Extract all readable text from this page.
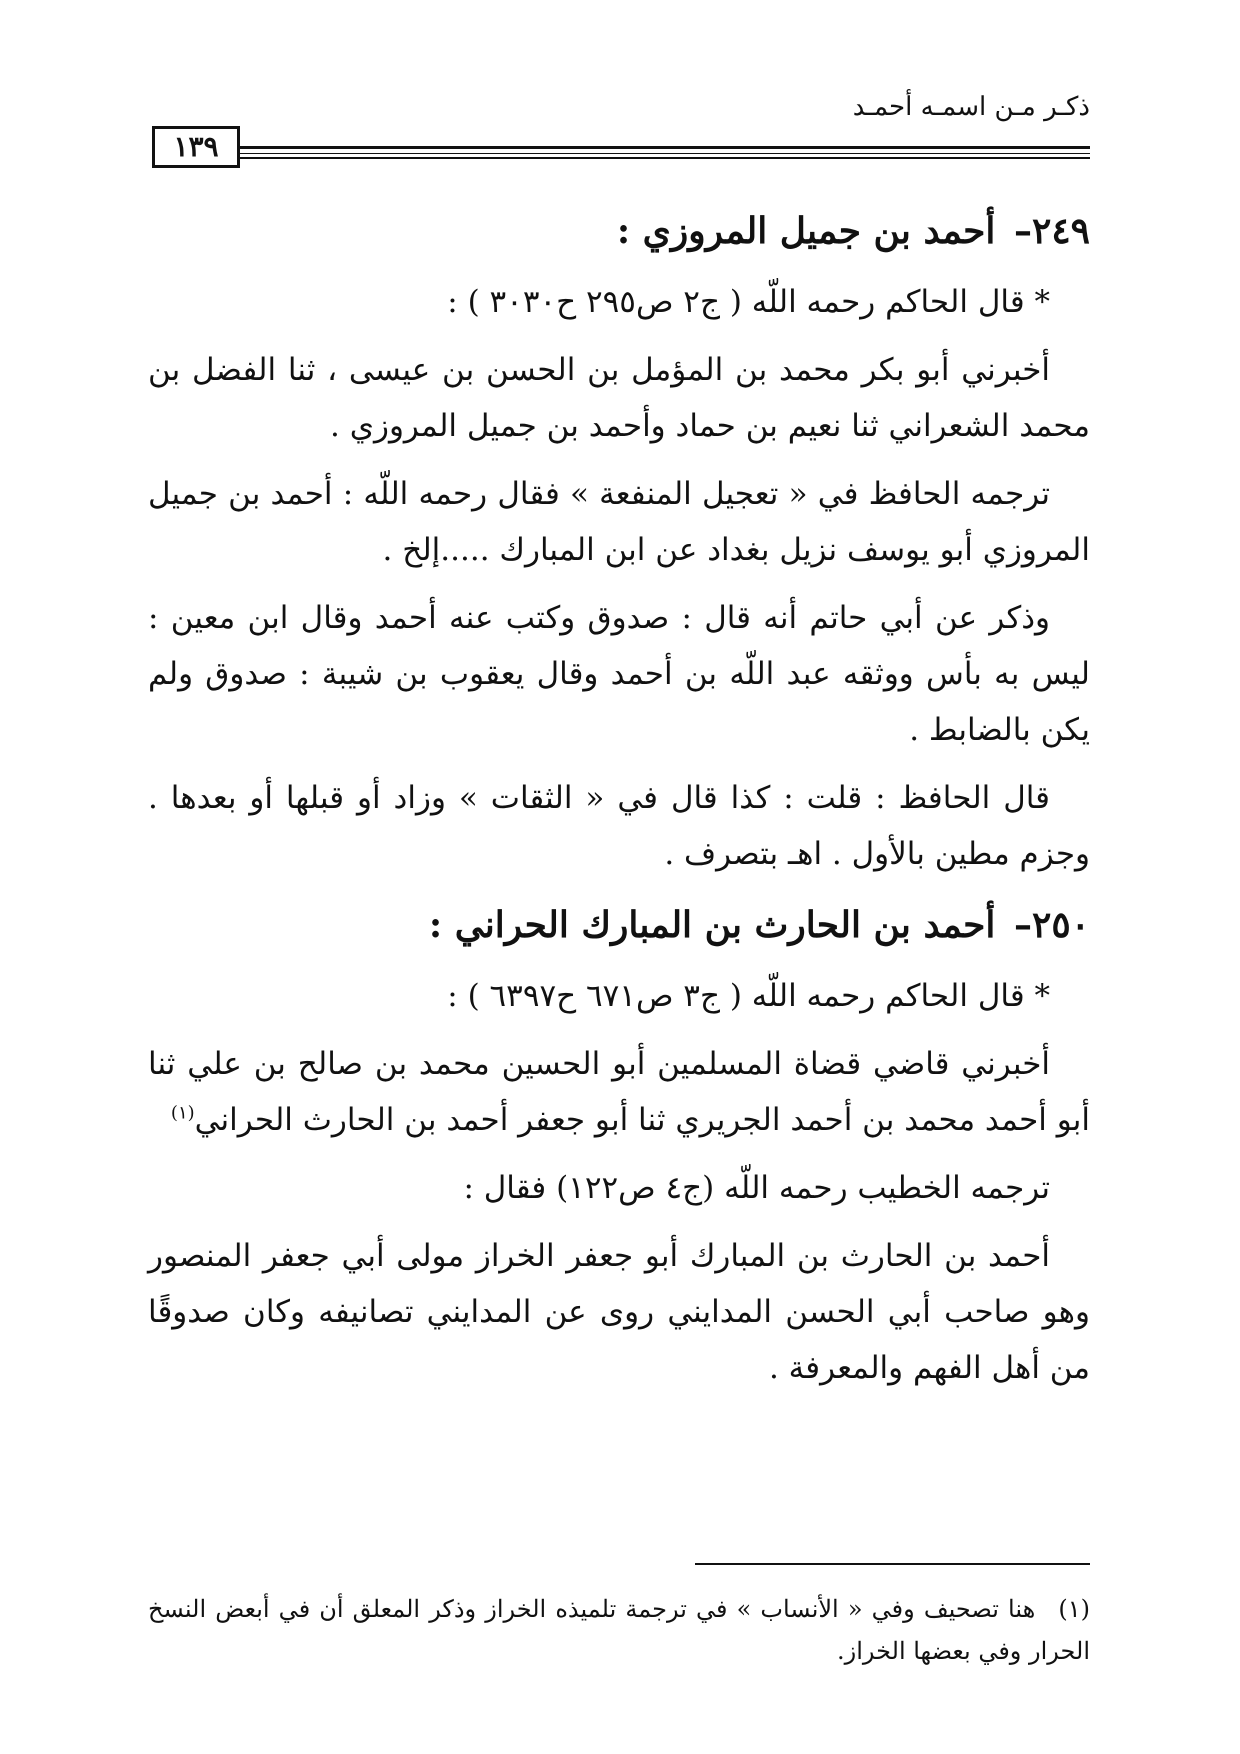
ذكـر مـن اسمـه أحمـد
١٣٩

٢٤٩– أحمد بن جميل المروزي :

* قال الحاكم رحمه اللّه ( ج٢ ص٢٩٥ ح٣٠٣٠ ) :

أخبرني أبو بكر محمد بن المؤمل بن الحسن بن عيسى ، ثنا الفضل بن محمد الشعراني ثنا نعيم بن حماد وأحمد بن جميل المروزي .

ترجمه الحافظ في « تعجيل المنفعة » فقال رحمه اللّه : أحمد بن جميل المروزي أبو يوسف نزيل بغداد عن ابن المبارك .....إلخ .

وذكر عن أبي حاتم أنه قال : صدوق وكتب عنه أحمد وقال ابن معين : ليس به بأس ووثقه عبد اللّه بن أحمد وقال يعقوب بن شيبة : صدوق ولم يكن بالضابط .

قال الحافظ : قلت : كذا قال في « الثقات » وزاد أو قبلها أو بعدها . وجزم مطين بالأول . اهـ بتصرف .

٢٥٠– أحمد بن الحارث بن المبارك الحراني :

* قال الحاكم رحمه اللّه ( ج٣ ص٦٧١ ح٦٣٩٧ ) :

أخبرني قاضي قضاة المسلمين أبو الحسين محمد بن صالح بن علي ثنا أبو أحمد محمد بن أحمد الجريري ثنا أبو جعفر أحمد بن الحارث الحراني$^{(١)}$

ترجمه الخطيب رحمه اللّه (ج٤ ص١٢٢) فقال :

أحمد بن الحارث بن المبارك أبو جعفر الخراز مولى أبي جعفر المنصور وهو صاحب أبي الحسن المدايني روى عن المدايني تصانيفه وكان صدوقًا من أهل الفهم والمعرفة .

(١) هنا تصحيف وفي « الأنساب » في ترجمة تلميذه الخراز وذكر المعلق أن في أبعض النسخ الحرار وفي بعضها الخراز.
